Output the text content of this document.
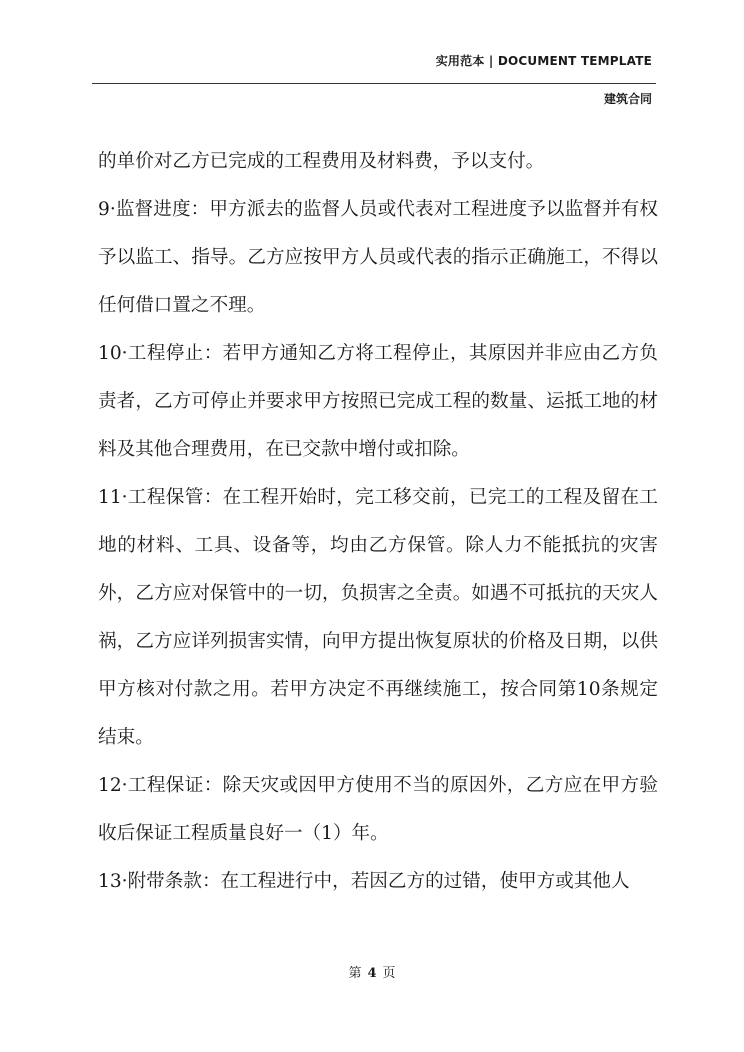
实用范本 | DOCUMENT TEMPLATE
建筑合同

的单价对乙方已完成的工程费用及材料费，予以支付。

9·监督进度：甲方派去的监督人员或代表对工程进度予以监督并有权予以监工、指导。乙方应按甲方人员或代表的指示正确施工，不得以任何借口置之不理。

10·工程停止：若甲方通知乙方将工程停止，其原因并非应由乙方负责者，乙方可停止并要求甲方按照已完成工程的数量、运抵工地的材料及其他合理费用，在已交款中增付或扣除。

11·工程保管：在工程开始时，完工移交前，已完工的工程及留在工地的材料、工具、设备等，均由乙方保管。除人力不能抵抗的灾害外，乙方应对保管中的一切，负损害之全责。如遇不可抵抗的天灾人祸，乙方应详列损害实情，向甲方提出恢复原状的价格及日期，以供甲方核对付款之用。若甲方决定不再继续施工，按合同第10条规定结束。

12·工程保证：除天灾或因甲方使用不当的原因外，乙方应在甲方验收后保证工程质量良好一（1）年。

13·附带条款：在工程进行中，若因乙方的过错，使甲方或其他人

第 4 页
